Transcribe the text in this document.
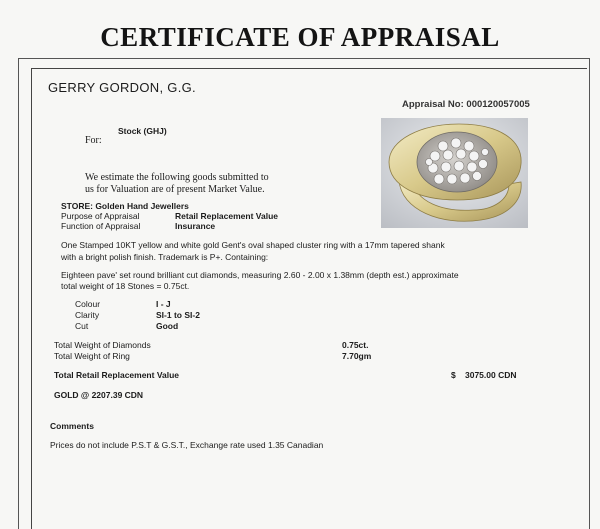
CERTIFICATE OF APPRAISAL
GERRY GORDON, G.G.
Appraisal No: 000120057005
For:
Stock (GHJ)
We estimate the following goods submitted to
us for Valuation are of present Market Value.
STORE: Golden Hand Jewellers
Purpose of Appraisal	Retail Replacement Value
Function of Appraisal	Insurance
One Stamped 10KT yellow and white gold Gent's oval shaped cluster ring with a 17mm tapered shank
with a bright polish finish. Trademark is P+. Containing:
Eighteen pave' set round brilliant cut diamonds, measuring 2.60 - 2.00 x 1.38mm (depth est.) approximate
total weight of 18 Stones = 0.75ct.
Colour	I - J
Clarity	SI-1 to SI-2
Cut	Good
Total Weight of Diamonds	0.75ct.
Total Weight of Ring	7.70gm
Total Retail Replacement Value	$ 3075.00 CDN
GOLD @ 2207.39 CDN
Comments
Prices do not include P.S.T & G.S.T., Exchange rate used 1.35 Canadian
